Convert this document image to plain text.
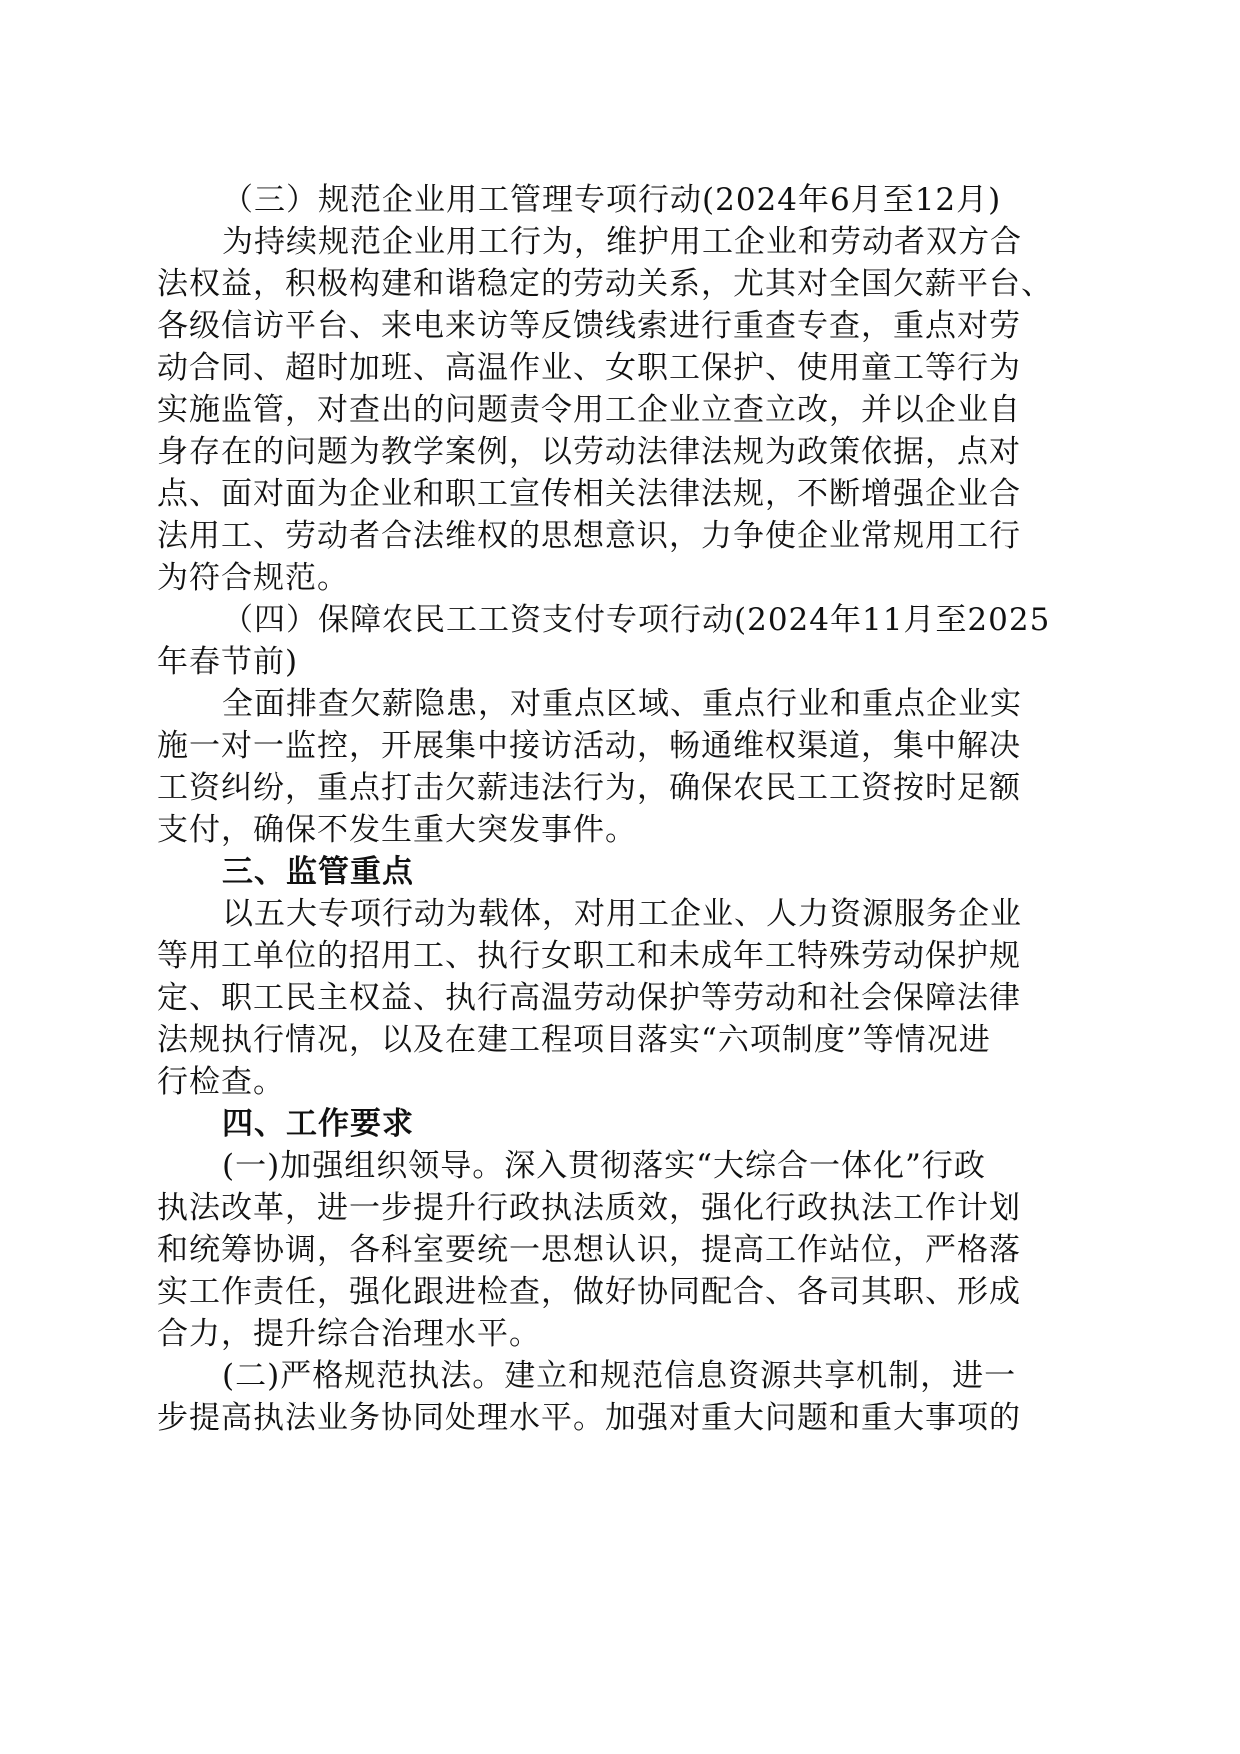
（三）规范企业用工管理专项行动(2024年6月至12月)
为持续规范企业用工行为，维护用工企业和劳动者双方合
法权益，积极构建和谐稳定的劳动关系，尤其对全国欠薪平台、
各级信访平台、来电来访等反馈线索进行重查专查，重点对劳
动合同、超时加班、高温作业、女职工保护、使用童工等行为
实施监管，对查出的问题责令用工企业立查立改，并以企业自
身存在的问题为教学案例，以劳动法律法规为政策依据，点对
点、面对面为企业和职工宣传相关法律法规，不断增强企业合
法用工、劳动者合法维权的思想意识，力争使企业常规用工行
为符合规范。
（四）保障农民工工资支付专项行动(2024年11月至2025
年春节前)
全面排查欠薪隐患，对重点区域、重点行业和重点企业实
施一对一监控，开展集中接访活动，畅通维权渠道，集中解决
工资纠纷，重点打击欠薪违法行为，确保农民工工资按时足额
支付，确保不发生重大突发事件。
三、监管重点
以五大专项行动为载体，对用工企业、人力资源服务企业
等用工单位的招用工、执行女职工和未成年工特殊劳动保护规
定、职工民主权益、执行高温劳动保护等劳动和社会保障法律
法规执行情况，以及在建工程项目落实“六项制度”等情况进
行检查。
四、工作要求
(一)加强组织领导。深入贯彻落实“大综合一体化”行政
执法改革，进一步提升行政执法质效，强化行政执法工作计划
和统筹协调，各科室要统一思想认识，提高工作站位，严格落
实工作责任，强化跟进检查，做好协同配合、各司其职、形成
合力，提升综合治理水平。
(二)严格规范执法。建立和规范信息资源共享机制，进一
步提高执法业务协同处理水平。加强对重大问题和重大事项的
